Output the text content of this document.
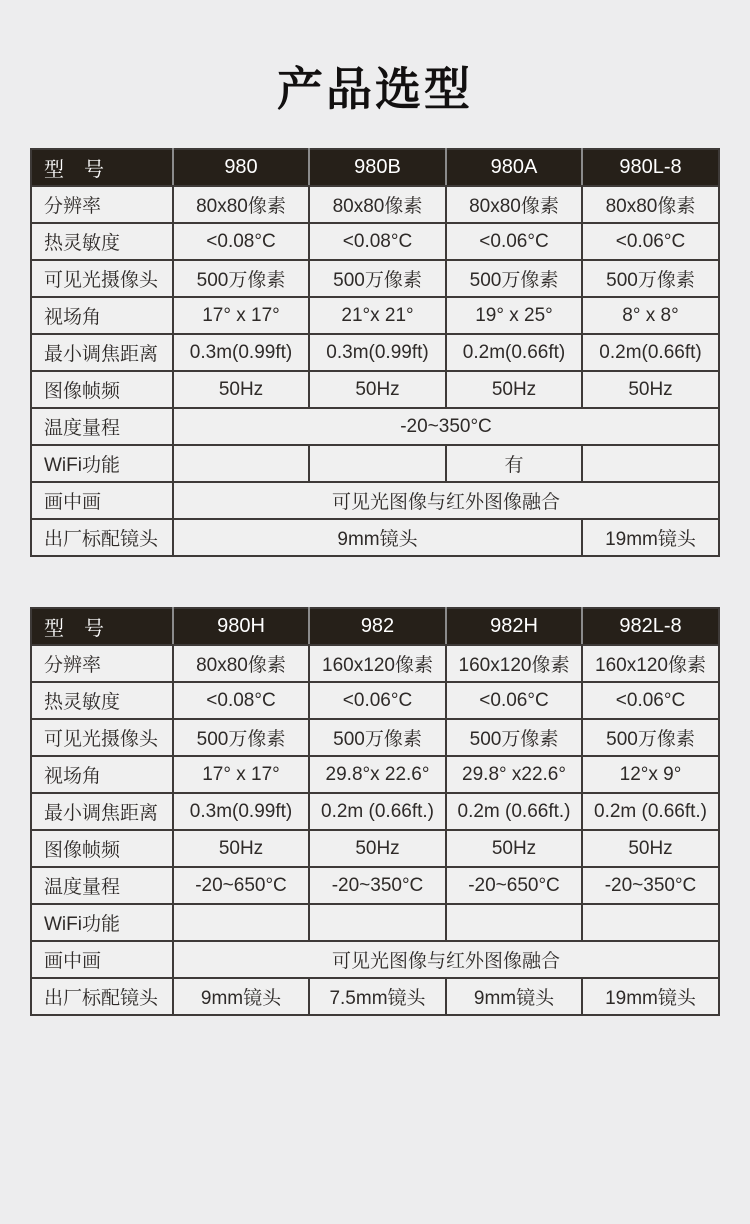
产品选型
型　号	980	980B	980A	980L-8
分辨率	80x80像素	80x80像素	80x80像素	80x80像素
热灵敏度	<0.08°C	<0.08°C	<0.06°C	<0.06°C
可见光摄像头	500万像素	500万像素	500万像素	500万像素
视场角	17° x 17°	21°x 21°	19° x 25°	8° x 8°
最小调焦距离	0.3m(0.99ft)	0.3m(0.99ft)	0.2m(0.66ft)	0.2m(0.66ft)
图像帧频	50Hz	50Hz	50Hz	50Hz
温度量程	-20~350°C			
WiFi功能			有	
画中画	可见光图像与红外图像融合			
出厂标配镜头	9mm镜头			19mm镜头
型　号	980H	982	982H	982L-8
分辨率	80x80像素	160x120像素	160x120像素	160x120像素
热灵敏度	<0.08°C	<0.06°C	<0.06°C	<0.06°C
可见光摄像头	500万像素	500万像素	500万像素	500万像素
视场角	17° x 17°	29.8°x 22.6°	29.8° x22.6°	12°x 9°
最小调焦距离	0.3m(0.99ft)	0.2m (0.66ft.)	0.2m (0.66ft.)	0.2m (0.66ft.)
图像帧频	50Hz	50Hz	50Hz	50Hz
温度量程	-20~650°C	-20~350°C	-20~650°C	-20~350°C
WiFi功能				
画中画	可见光图像与红外图像融合			
出厂标配镜头	9mm镜头	7.5mm镜头	9mm镜头	19mm镜头
